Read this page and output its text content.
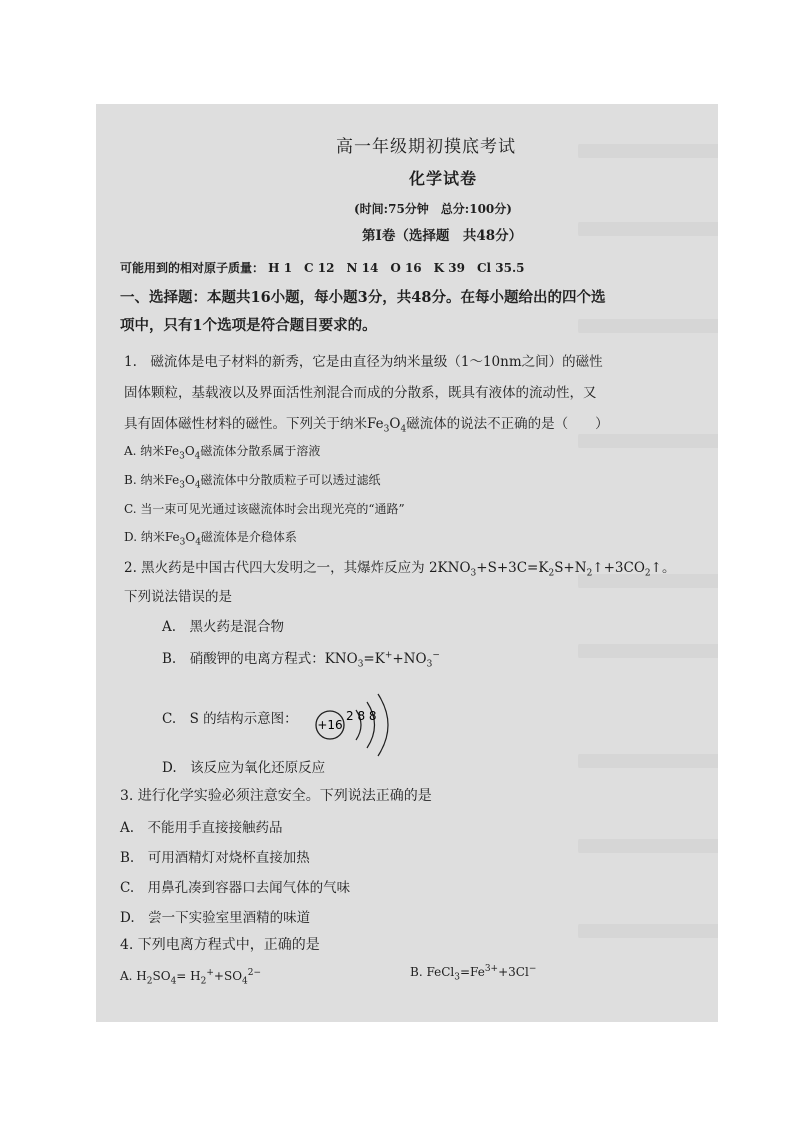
高一年级期初摸底考试
化学试卷
(时间:75分钟　总分:100分)
第Ⅰ卷（选择题　共48分）
可能用到的相对原子质量： H 1　C 12　N 14　O 16　K 39　Cl 35.5
一、选择题：本题共16小题，每小题3分，共48分。在每小题给出的四个选
项中，只有1个选项是符合题目要求的。
1.　磁流体是电子材料的新秀，它是由直径为纳米量级（1～10nm之间）的磁性
固体颗粒，基载液以及界面活性剂混合而成的分散系，既具有液体的流动性，又
具有固体磁性材料的磁性。下列关于纳米$Fe_3O_4$磁流体的说法不正确的是（　　）
A. 纳米$Fe_3O_4$磁流体分散系属于溶液
B. 纳米$Fe_3O_4$磁流体中分散质粒子可以透过滤纸
C. 当一束可见光通过该磁流体时会出现光亮的“通路”
D. 纳米$Fe_3O_4$磁流体是介稳体系
2. 黑火药是中国古代四大发明之一，其爆炸反应为 $2KNO_3+S+3C=K_2S+N_2↑+3CO_2↑$。
下列说法错误的是
A.　黑火药是混合物
B.　硝酸钾的电离方程式：$KNO_3=K^++NO_3^-$
C.　S 的结构示意图： +16
2 8 8
D.　该反应为氧化还原反应
3. 进行化学实验必须注意安全。下列说法正确的是
A.　不能用手直接接触药品
B.　可用酒精灯对烧杯直接加热
C.　用鼻孔凑到容器口去闻气体的气味
D.　尝一下实验室里酒精的味道
4. 下列电离方程式中，正确的是
A. $H_2SO_4= H_2^++SO_4^{2-}$	B. $FeCl_3=Fe^{3+}+3Cl^-$
